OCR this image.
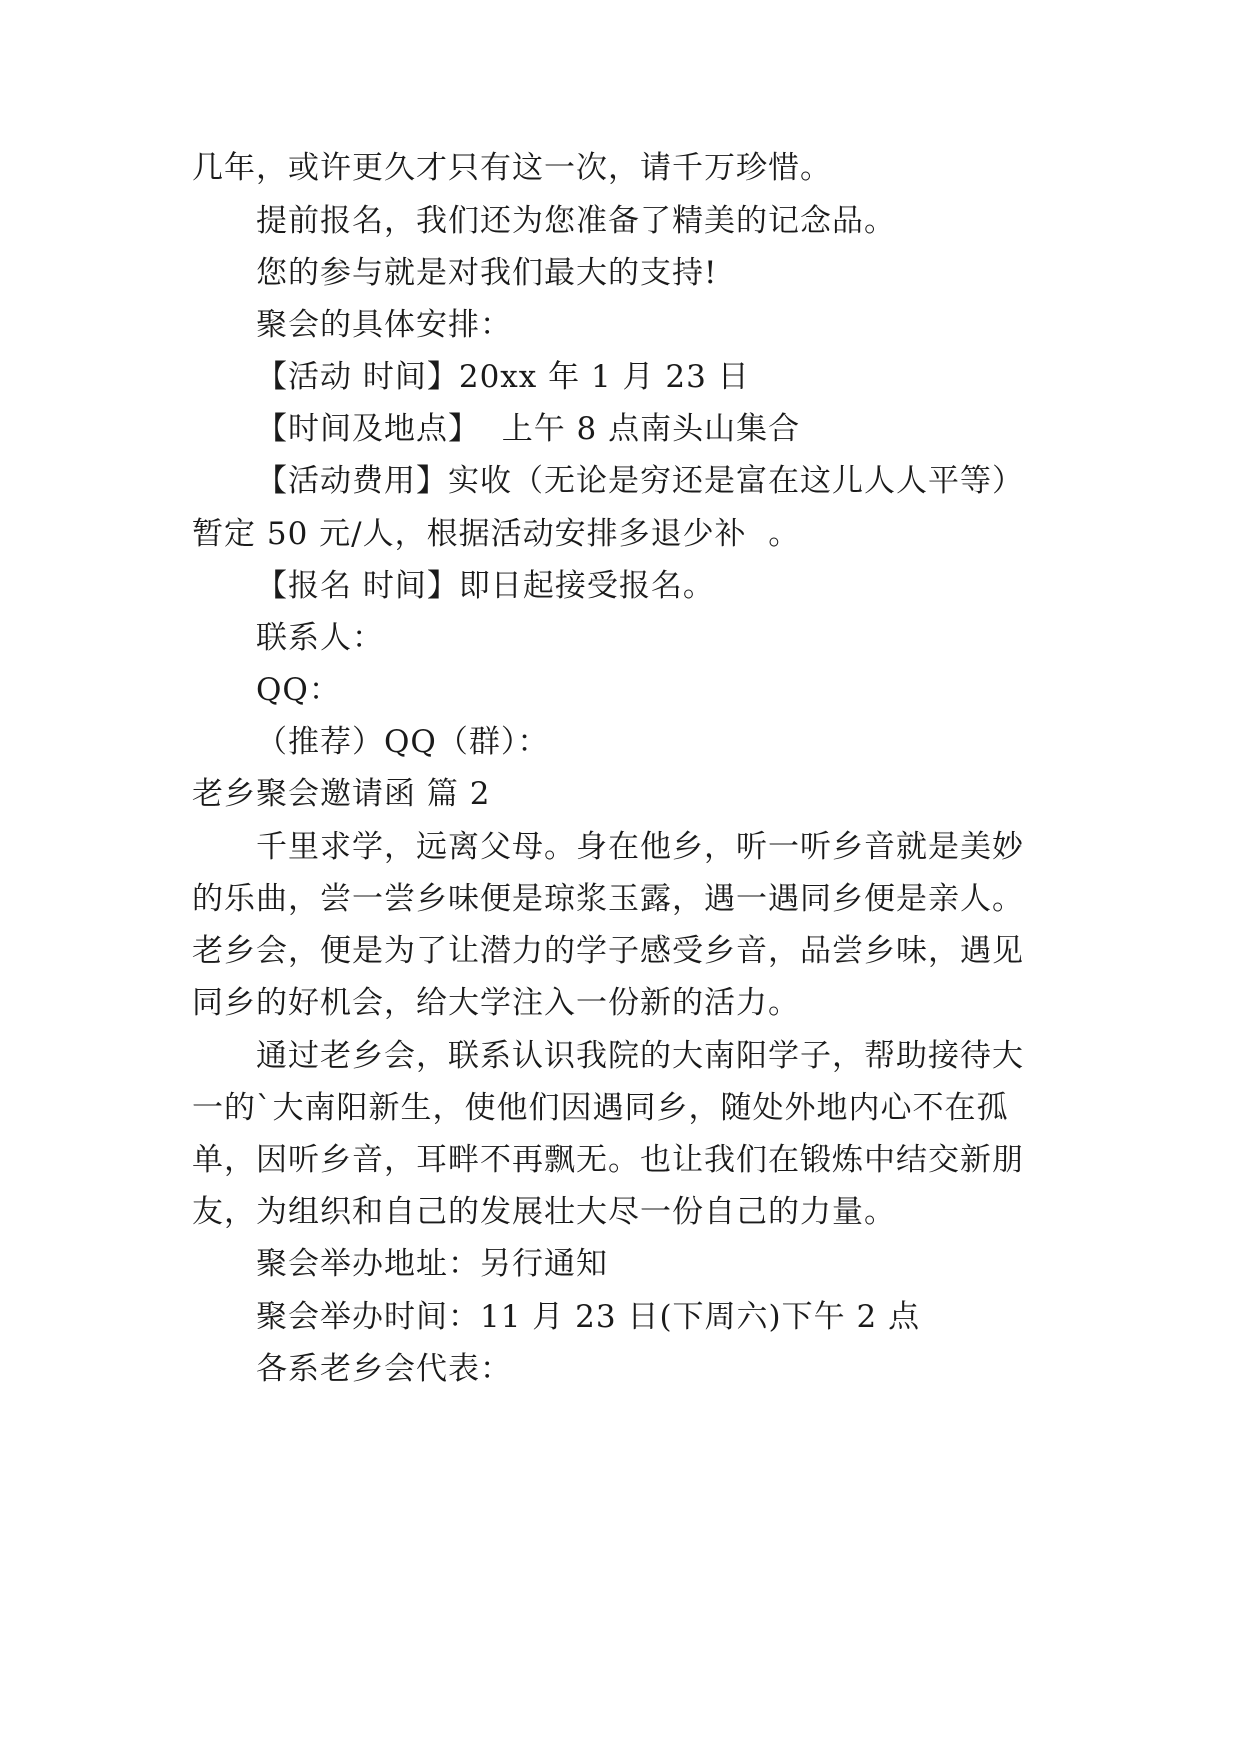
几年，或许更久才只有这一次，请千万珍惜。
提前报名，我们还为您准备了精美的记念品。
您的参与就是对我们最大的支持!
聚会的具体安排：
【活动 时间】20xx 年 1 月 23 日
【时间及地点】  上午 8 点南头山集合
【活动费用】实收（无论是穷还是富在这儿人人平等）
暂定 50 元/人，根据活动安排多退少补  。
【报名 时间】即日起接受报名。
联系人：
QQ：
（推荐）QQ（群）：
老乡聚会邀请函 篇 2
千里求学，远离父母。身在他乡，听一听乡音就是美妙
的乐曲，尝一尝乡味便是琼浆玉露，遇一遇同乡便是亲人。
老乡会，便是为了让潜力的学子感受乡音，品尝乡味，遇见
同乡的好机会，给大学注入一份新的活力。
通过老乡会，联系认识我院的大南阳学子，帮助接待大
一的`大南阳新生，使他们因遇同乡，随处外地内心不在孤
单，因听乡音，耳畔不再飘无。也让我们在锻炼中结交新朋
友，为组织和自己的发展壮大尽一份自己的力量。
聚会举办地址：另行通知
聚会举办时间：11 月 23 日(下周六)下午 2 点
各系老乡会代表：
